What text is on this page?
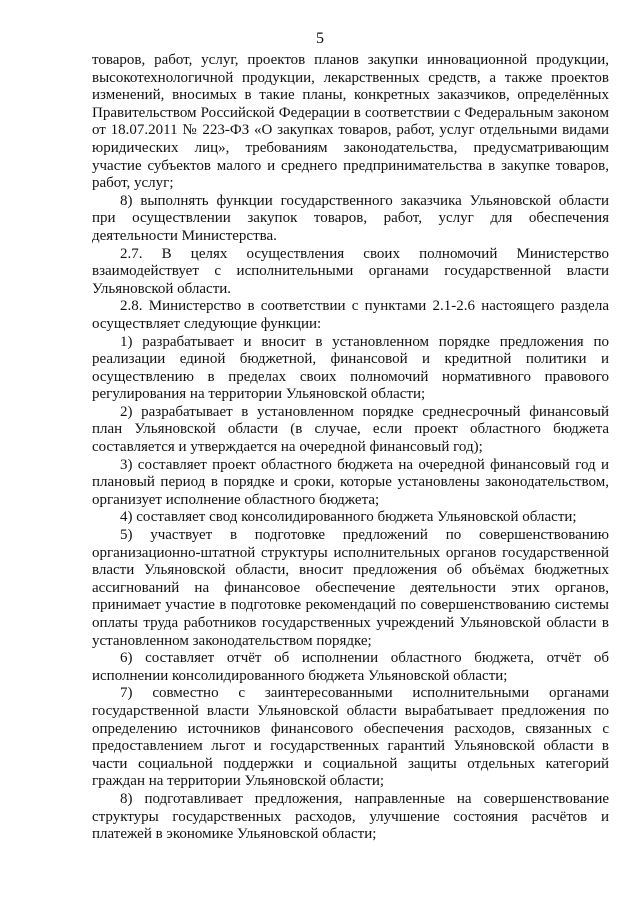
5

товаров, работ, услуг, проектов планов закупки инновационной продукции, высокотехнологичной продукции, лекарственных средств, а также проектов изменений, вносимых в такие планы, конкретных заказчиков, определённых Правительством Российской Федерации в соответствии с Федеральным законом от 18.07.2011 № 223-ФЗ «О закупках товаров, работ, услуг отдельными видами юридических лиц», требованиям законодательства, предусматривающим участие субъектов малого и среднего предпринимательства в закупке товаров, работ, услуг;

8) выполнять функции государственного заказчика Ульяновской области при осуществлении закупок товаров, работ, услуг для обеспечения деятельности Министерства.

2.7. В целях осуществления своих полномочий Министерство взаимодействует с исполнительными органами государственной власти Ульяновской области.

2.8. Министерство в соответствии с пунктами 2.1-2.6 настоящего раздела осуществляет следующие функции:

1) разрабатывает и вносит в установленном порядке предложения по реализации единой бюджетной, финансовой и кредитной политики и осуществлению в пределах своих полномочий нормативного правового регулирования на территории Ульяновской области;

2) разрабатывает в установленном порядке среднесрочный финансовый план Ульяновской области (в случае, если проект областного бюджета составляется и утверждается на очередной финансовый год);

3) составляет проект областного бюджета на очередной финансовый год и плановый период в порядке и сроки, которые установлены законодательством, организует исполнение областного бюджета;

4) составляет свод консолидированного бюджета Ульяновской области;

5) участвует в подготовке предложений по совершенствованию организационно-штатной структуры исполнительных органов государственной власти Ульяновской области, вносит предложения об объёмах бюджетных ассигнований на финансовое обеспечение деятельности этих органов, принимает участие в подготовке рекомендаций по совершенствованию системы оплаты труда работников государственных учреждений Ульяновской области в установленном законодательством порядке;

6) составляет отчёт об исполнении областного бюджета, отчёт об исполнении консолидированного бюджета Ульяновской области;

7) совместно с заинтересованными исполнительными органами государственной власти Ульяновской области вырабатывает предложения по определению источников финансового обеспечения расходов, связанных с предоставлением льгот и государственных гарантий Ульяновской области в части социальной поддержки и социальной защиты отдельных категорий граждан на территории Ульяновской области;

8) подготавливает предложения, направленные на совершенствование структуры государственных расходов, улучшение состояния расчётов и платежей в экономике Ульяновской области;
